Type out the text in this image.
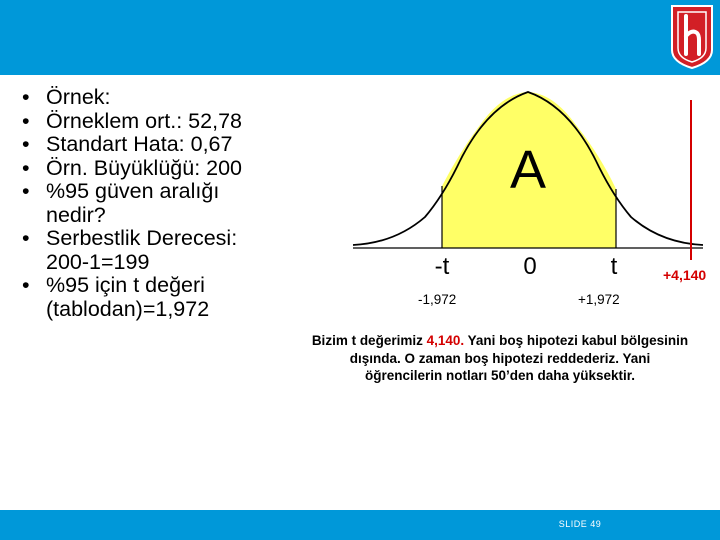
• Örnek:
• Örneklem ort.: 52,78
• Standart Hata: 0,67
• Örn. Büyüklüğü: 200
• %95 güven aralığı nedir?
• Serbestlik Derecesi: 200-1=199
• %95 için t değeri (tablodan)=1,972
A
-t	0	t	+4,140
-1,972	+1,972
Bizim t değerimiz 4,140. Yani boş hipotezi kabul bölgesinin dışında. O zaman boş hipotezi reddederiz. Yani öğrencilerin notları 50’den daha yüksektir.
SLIDE 49
